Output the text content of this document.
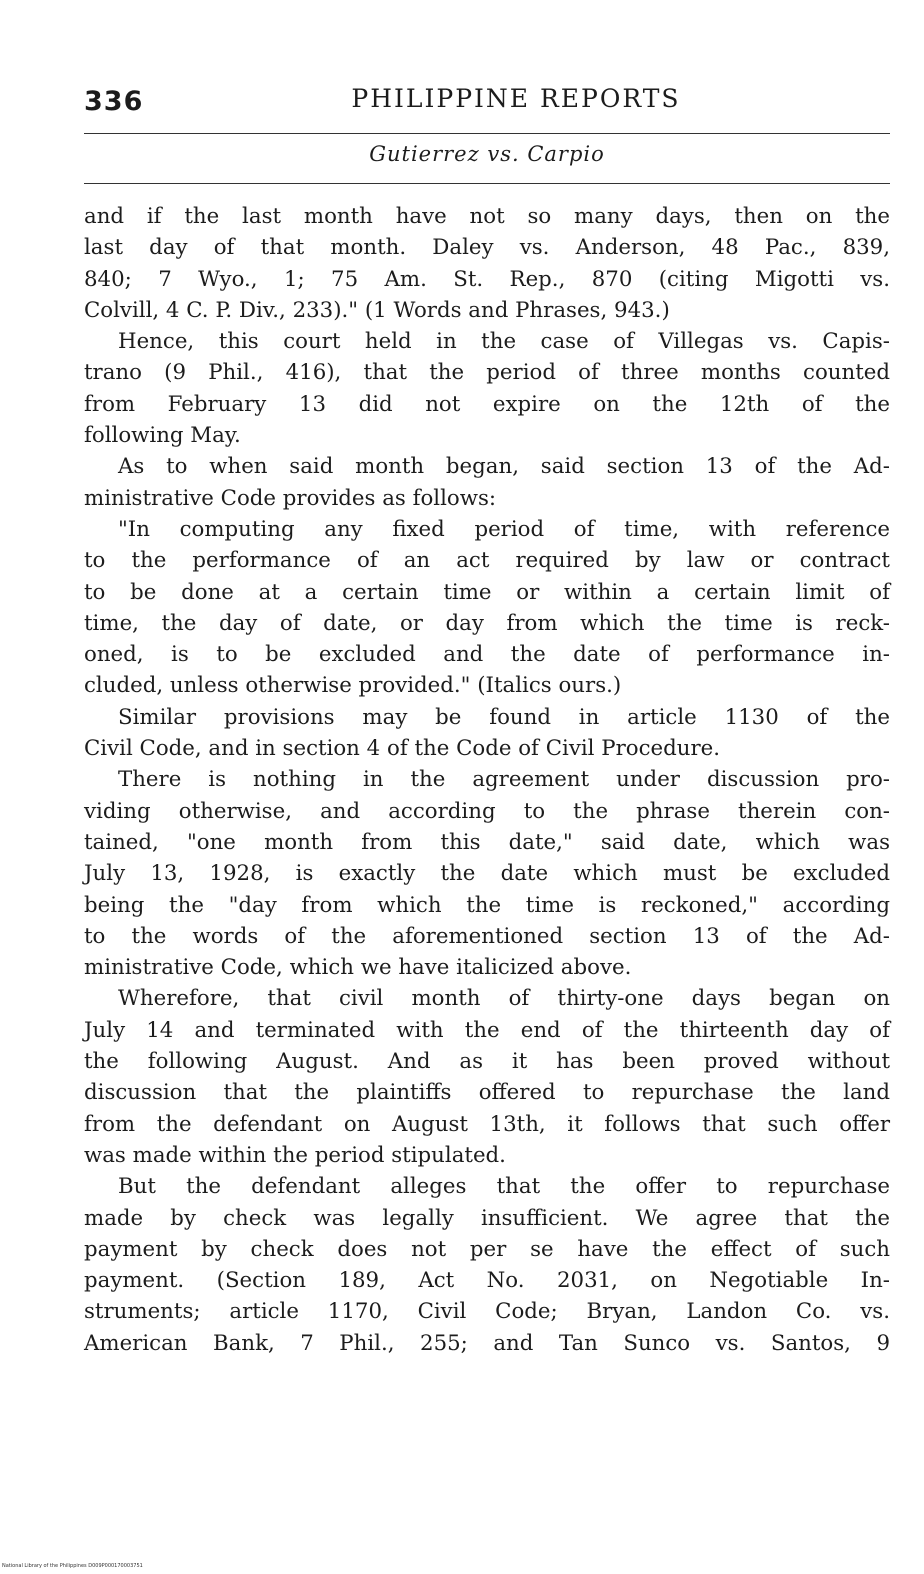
336	PHILIPPINE REPORTS
Gutierrez vs. Carpio
and if the last month have not so many days, then on the
last day of that month. Daley vs. Anderson, 48 Pac., 839,
840; 7 Wyo., 1; 75 Am. St. Rep., 870 (citing Migotti vs.
Colvill, 4 C. P. Div., 233)." (1 Words and Phrases, 943.)
Hence, this court held in the case of Villegas vs. Capis-
trano (9 Phil., 416), that the period of three months counted
from February 13 did not expire on the 12th of the
following May.
As to when said month began, said section 13 of the Ad-
ministrative Code provides as follows:
"In computing any fixed period of time, with reference
to the performance of an act required by law or contract
to be done at a certain time or within a certain limit of
time, the day of date, or day from which the time is reck-
oned, is to be excluded and the date of performance in-
cluded, unless otherwise provided." (Italics ours.)
Similar provisions may be found in article 1130 of the
Civil Code, and in section 4 of the Code of Civil Procedure.
There is nothing in the agreement under discussion pro-
viding otherwise, and according to the phrase therein con-
tained, "one month from this date," said date, which was
July 13, 1928, is exactly the date which must be excluded
being the "day from which the time is reckoned," according
to the words of the aforementioned section 13 of the Ad-
ministrative Code, which we have italicized above.
Wherefore, that civil month of thirty-one days began on
July 14 and terminated with the end of the thirteenth day of
the following August. And as it has been proved without
discussion that the plaintiffs offered to repurchase the land
from the defendant on August 13th, it follows that such offer
was made within the period stipulated.
But the defendant alleges that the offer to repurchase
made by check was legally insufficient. We agree that the
payment by check does not per se have the effect of such
payment. (Section 189, Act No. 2031, on Negotiable In-
struments; article 1170, Civil Code; Bryan, Landon Co. vs.
American Bank, 7 Phil., 255; and Tan Sunco vs. Santos, 9
National Library of the Philippines D009P000170003751
